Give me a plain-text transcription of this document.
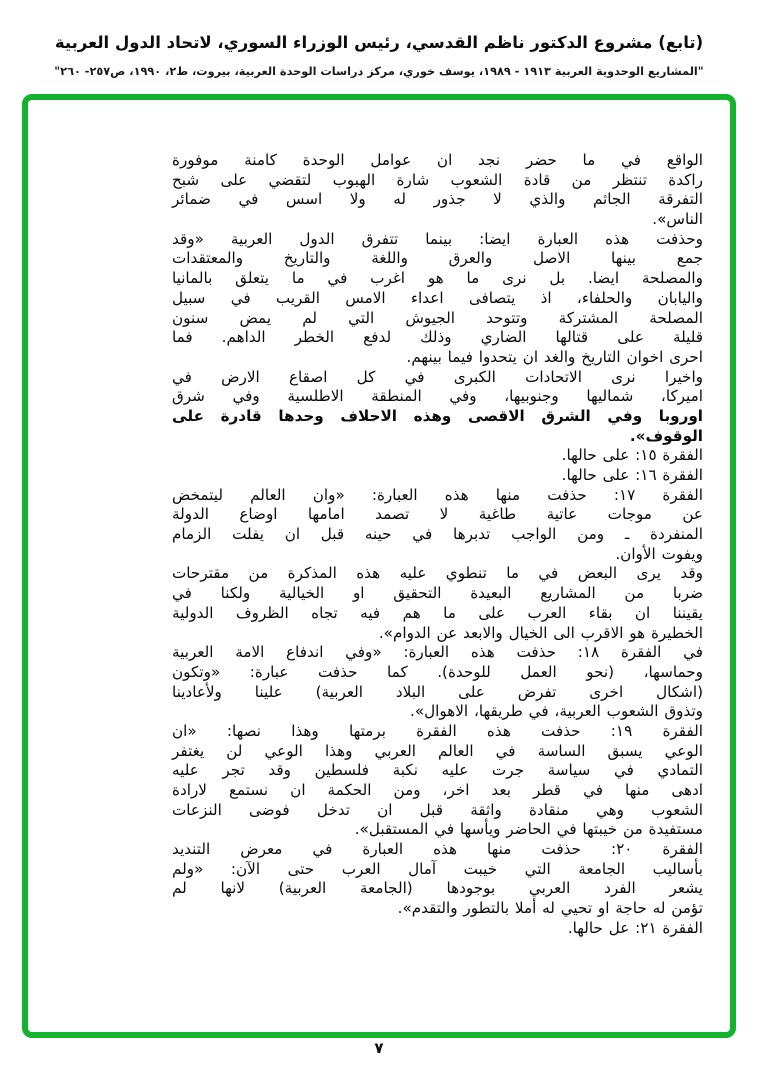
(تابع) مشروع الدكتور ناظم القدسي، رئيس الوزراء السوري، لاتحاد الدول العربية
"المشاريع الوحدوية العربية ١٩١٣ - ١٩٨٩، يوسف خوري، مركز دراسات الوحدة العربية، بيروت، ط٢، ١٩٩٠، ص٢٥٧- ٢٦٠"
الواقع في ما حضر نجد ان عوامل الوحدة كامنة موفورة
راكدة تنتظر من قادة الشعوب شارة الهبوب لتقضي على شبح
التفرقة الجاثم والذي لا جذور له ولا اسس في ضمائر
الناس».
وحذفت هذه العبارة ايضا: بينما تتفرق الدول العربية «وقد
جمع بينها الاصل والعرق واللغة والتاريخ والمعتقدات
والمصلحة ايضا. بل نرى ما هو اغرب في ما يتعلق بالمانيا
واليابان والحلفاء، اذ يتصافى اعداء الامس القريب في سبيل
المصلحة المشتركة وتتوحد الجيوش التي لم يمض سنون
قليلة على قتالها الضاري وذلك لدفع الخطر الداهم. فما
احرى اخوان التاريخ والغد ان يتحدوا فيما بينهم.
واخيرا نرى الاتحادات الكبرى في كل اصقاع الارض في
اميركا، شماليها وجنوبيها، وفي المنطقة الاطلسية وفي شرق
اوروبا وفي الشرق الاقصى وهذه الاحلاف وحدها قادرة على
الوقوف».
الفقرة ١٥: على حالها.
الفقرة ١٦: على حالها.
الفقرة ١٧: حذفت منها هذه العبارة: «وان العالم ليتمخض
عن موجات عاتية طاغية لا تصمد امامها اوضاع الدولة
المنفردة ـ ومن الواجب تدبرها في حينه قبل ان يفلت الزمام
ويفوت الأوان.
وقد يرى البعض في ما تنطوي عليه هذه المذكرة من مقترحات
ضربا من المشاريع البعيدة التحقيق او الخيالية ولكنا في
يقيننا ان بقاء العرب على ما هم فيه تجاه الظروف الدولية
الخطيرة هو الاقرب الى الخيال والابعد عن الدوام».
في الفقرة ١٨: حذفت هذه العبارة: «وفي اندفاع الامة العربية
وحماسها، (نحو العمل للوحدة). كما حذفت عبارة: «وتكون
(اشكال اخرى تفرض على البلاد العربية) علينا ولأعادينا
وتذوق الشعوب العربية، في طريقها، الاهوال».
الفقرة ١٩: حذفت هذه الفقرة برمتها وهذا نصها: «ان
الوعي يسبق الساسة في العالم العربي وهذا الوعي لن يغتفر
التمادي في سياسة جرت عليه نكبة فلسطين وقد تجر عليه
ادهى منها في قطر بعد اخر، ومن الحكمة ان نستمع لارادة
الشعوب وهي منقادة واثقة قبل ان تدخل فوضى النزعات
مستفيدة من خيبتها في الحاضر ويأسها في المستقبل».
الفقرة ٢٠: حذفت منها هذه العبارة في معرض التنديد
بأساليب الجامعة التي خيبت آمال العرب حتى الآن: «ولم
يشعر الفرد العربي بوجودها (الجامعة العربية) لانها لم
تؤمن له حاجة او تحيي له أملا بالتطور والتقدم».
الفقرة ٢١: عل حالها.
٧
